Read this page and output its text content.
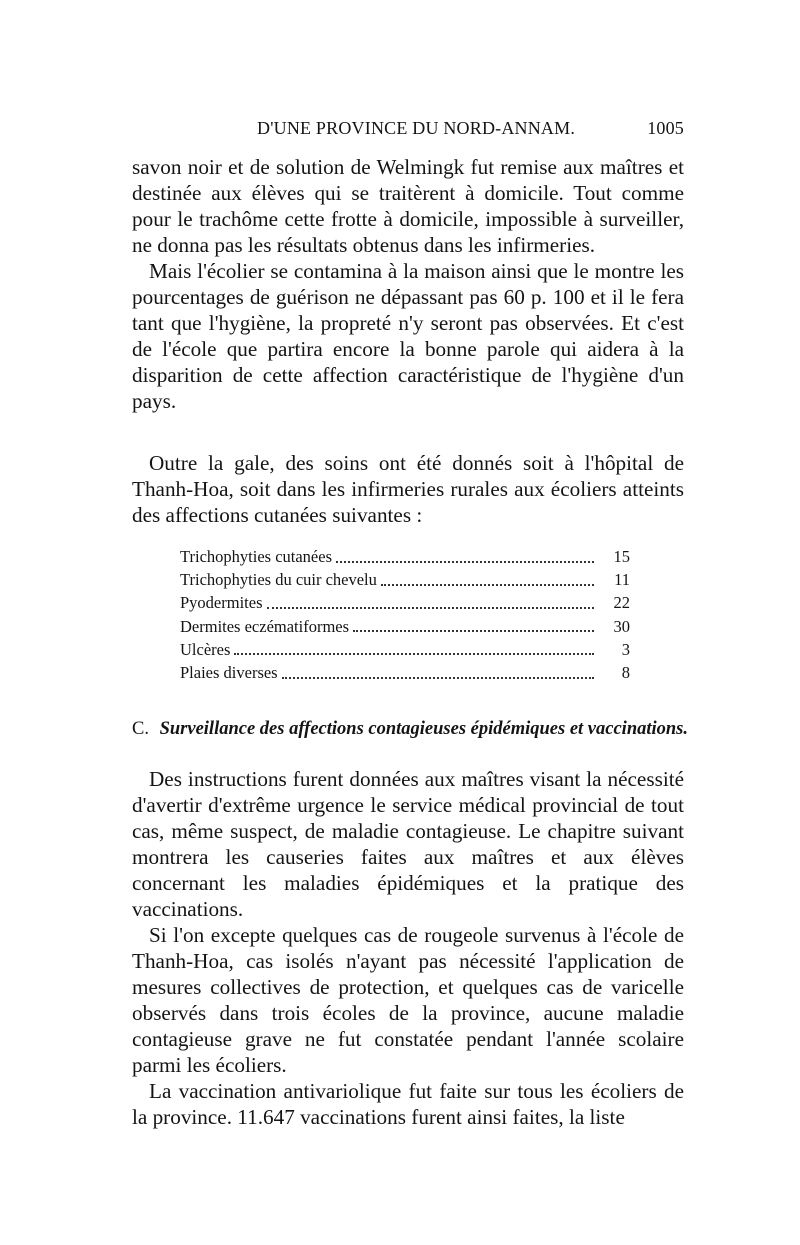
D'UNE PROVINCE DU NORD-ANNAM.	1005

savon noir et de solution de Welmingk fut remise aux maîtres et destinée aux élèves qui se traitèrent à domicile. Tout comme pour le trachôme cette frotte à domicile, impossible à surveiller, ne donna pas les résultats obtenus dans les infirmeries.

Mais l'écolier se contamina à la maison ainsi que le montre les pourcentages de guérison ne dépassant pas 60 p. 100 et il le fera tant que l'hygiène, la propreté n'y seront pas observées. Et c'est de l'école que partira encore la bonne parole qui aidera à la disparition de cette affection caractéristique de l'hygiène d'un pays.

Outre la gale, des soins ont été donnés soit à l'hôpital de Thanh-Hoa, soit dans les infirmeries rurales aux écoliers atteints des affections cutanées suivantes :

Trichophyties cutanées	15
Trichophyties du cuir chevelu	11
Pyodermites	22
Dermites eczématiformes	30
Ulcères	3
Plaies diverses	8
C. Surveillance des affections contagieuses épidémiques et vaccinations.

Des instructions furent données aux maîtres visant la nécessité d'avertir d'extrême urgence le service médical provincial de tout cas, même suspect, de maladie contagieuse. Le chapitre suivant montrera les causeries faites aux maîtres et aux élèves concernant les maladies épidémiques et la pratique des vaccinations.

Si l'on excepte quelques cas de rougeole survenus à l'école de Thanh-Hoa, cas isolés n'ayant pas nécessité l'application de mesures collectives de protection, et quelques cas de varicelle observés dans trois écoles de la province, aucune maladie contagieuse grave ne fut constatée pendant l'année scolaire parmi les écoliers.

La vaccination antivariolique fut faite sur tous les écoliers de la province. 11.647 vaccinations furent ainsi faites, la liste
